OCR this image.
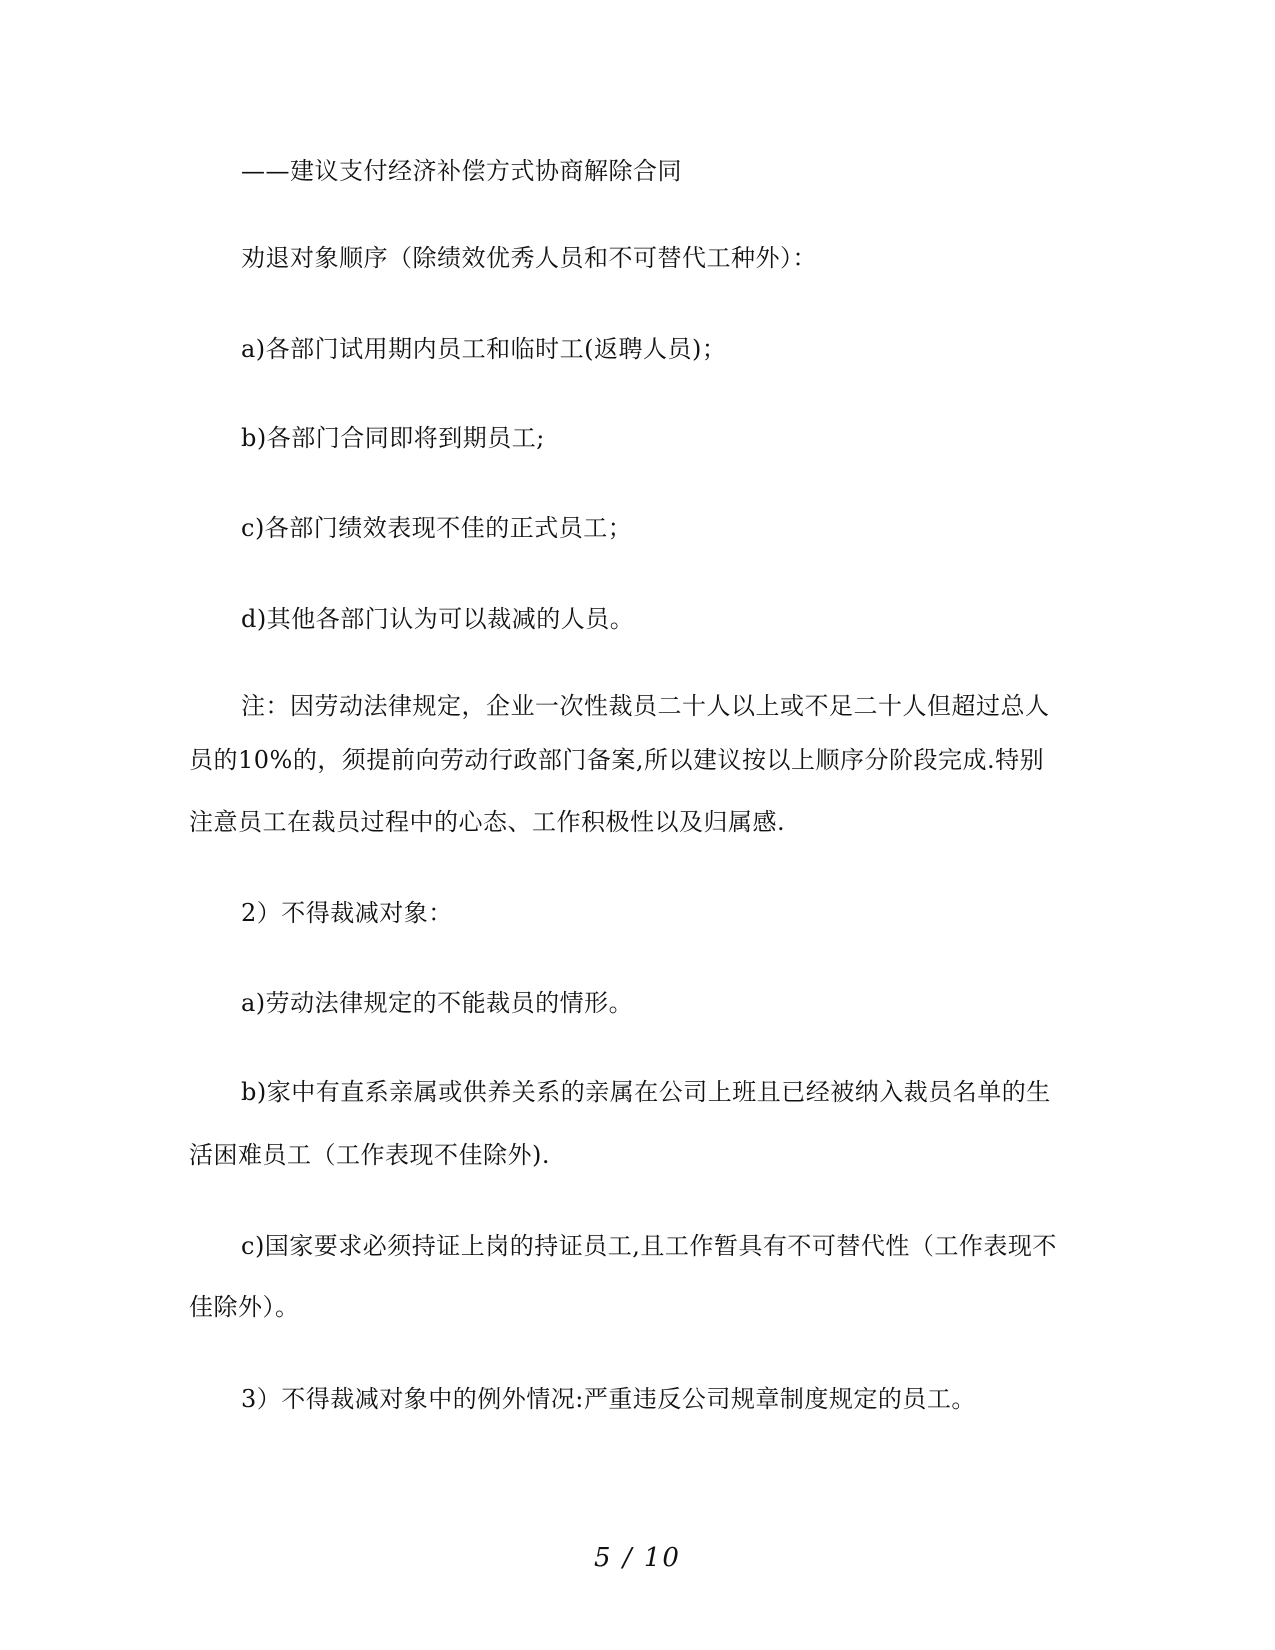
——建议支付经济补偿方式协商解除合同
劝退对象顺序（除绩效优秀人员和不可替代工种外）：
a)各部门试用期内员工和临时工(返聘人员)；
b)各部门合同即将到期员工;
c)各部门绩效表现不佳的正式员工；
d)其他各部门认为可以裁减的人员。
注：因劳动法律规定，企业一次性裁员二十人以上或不足二十人但超过总人
员的10%的，须提前向劳动行政部门备案,所以建议按以上顺序分阶段完成.特别
注意员工在裁员过程中的心态、工作积极性以及归属感.
2）不得裁减对象：
a)劳动法律规定的不能裁员的情形。
b)家中有直系亲属或供养关系的亲属在公司上班且已经被纳入裁员名单的生
活困难员工（工作表现不佳除外).
c)国家要求必须持证上岗的持证员工,且工作暂具有不可替代性（工作表现不
佳除外）。
3）不得裁减对象中的例外情况:严重违反公司规章制度规定的员工。
5 / 10
